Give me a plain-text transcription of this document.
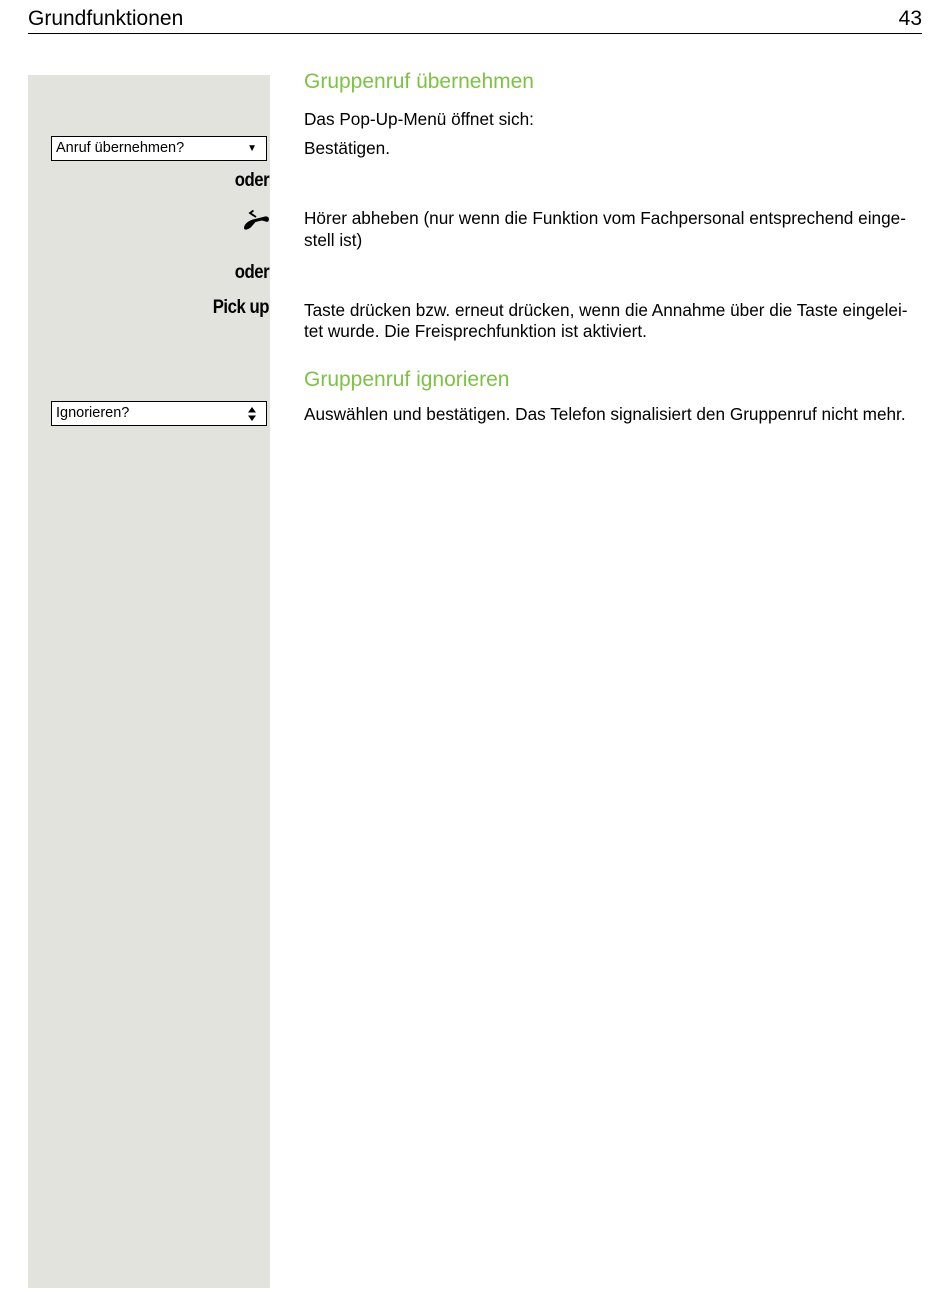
Grundfunktionen	43
Anruf übernehmen?	▼
oder
oder
Pick up
Ignorieren?
Gruppenruf übernehmen
Das Pop-Up-Menü öffnet sich:
Bestätigen.
Hörer abheben (nur wenn die Funktion vom Fachpersonal entsprechend einge-
stell ist)
Taste drücken bzw. erneut drücken, wenn die Annahme über die Taste eingelei-
tet wurde. Die Freisprechfunktion ist aktiviert.
Gruppenruf ignorieren
Auswählen und bestätigen. Das Telefon signalisiert den Gruppenruf nicht mehr.
